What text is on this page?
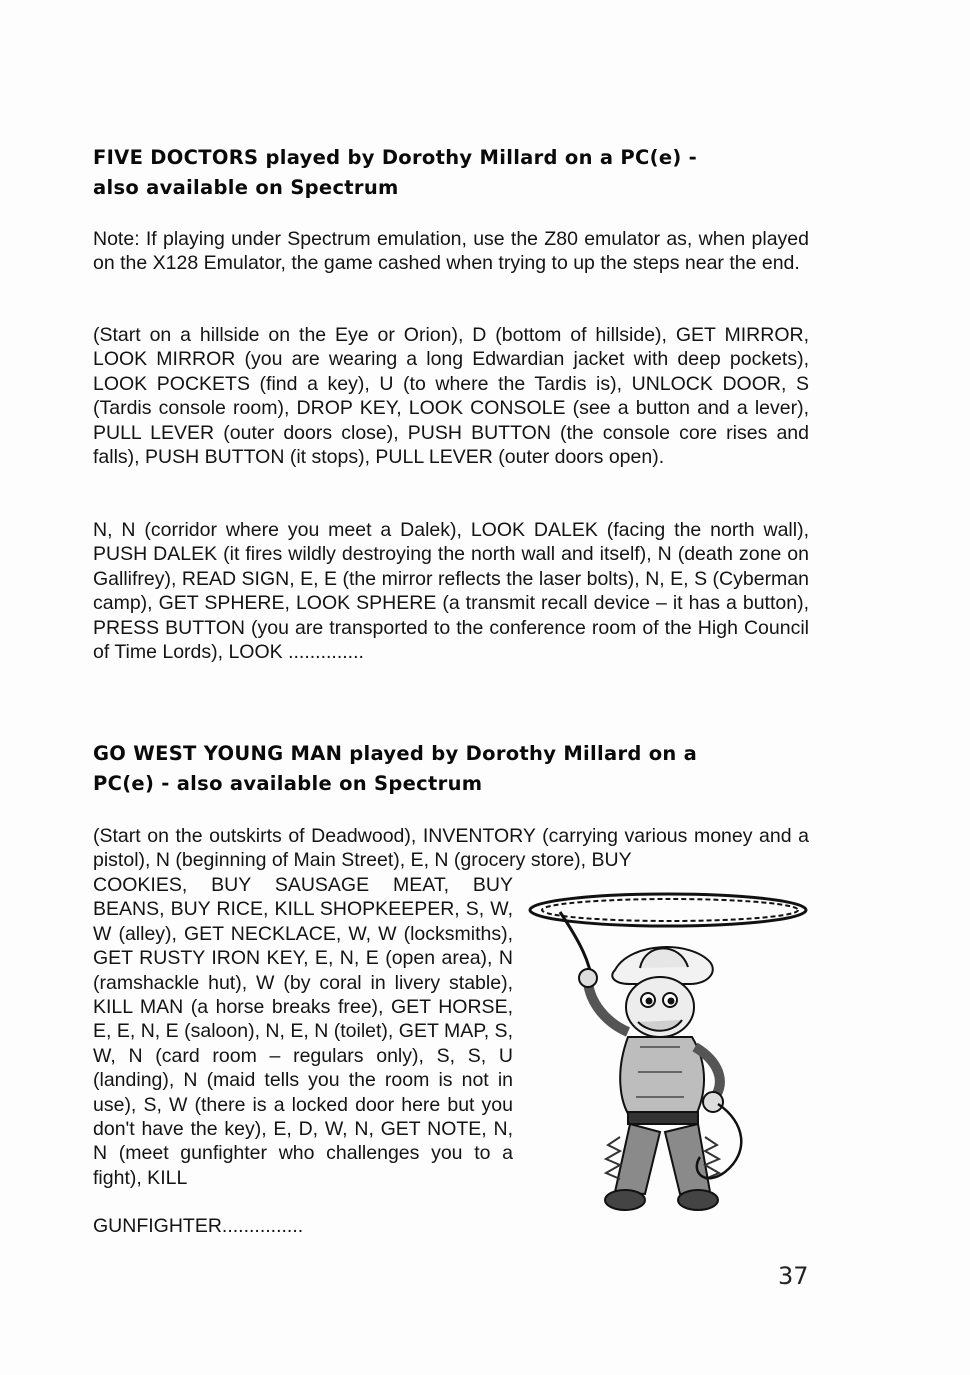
FIVE DOCTORS played by Dorothy Millard on a PC(e) -
also available on Spectrum

Note: If playing under Spectrum emulation, use the Z80 emulator as, when played on the X128 Emulator, the game cashed when trying to up the steps near the end.

(Start on a hillside on the Eye or Orion), D (bottom of hillside), GET MIRROR, LOOK MIRROR (you are wearing a long Edwardian jacket with deep pockets), LOOK POCKETS (find a key), U (to where the Tardis is), UNLOCK DOOR, S (Tardis console room), DROP KEY, LOOK CONSOLE (see a button and a lever), PULL LEVER (outer doors close), PUSH BUTTON (the console core rises and falls), PUSH BUTTON (it stops), PULL LEVER (outer doors open).

N, N (corridor where you meet a Dalek), LOOK DALEK (facing the north wall), PUSH DALEK (it fires wildly destroying the north wall and itself), N (death zone on Gallifrey), READ SIGN, E, E (the mirror reflects the laser bolts), N, E, S (Cyberman camp), GET SPHERE, LOOK SPHERE (a transmit recall device – it has a button), PRESS BUTTON (you are transported to the conference room of the High Council of Time Lords), LOOK ..............

GO WEST YOUNG MAN played by Dorothy Millard on a
PC(e) - also available on Spectrum

(Start on the outskirts of Deadwood), INVENTORY (carrying various money and a pistol), N (beginning of Main Street), E, N (grocery store), BUY

COOKIES, BUY SAUSAGE MEAT, BUY BEANS, BUY RICE, KILL SHOPKEEPER, S, W, W (alley), GET NECKLACE, W, W (locksmiths), GET RUSTY IRON KEY, E, N, E (open area), N (ramshackle hut), W (by coral in livery stable), KILL MAN (a horse breaks free), GET HORSE, E, E, N, E (saloon), N, E, N (toilet), GET MAP, S, W, N (card room – regulars only), S, S, U (landing), N (maid tells you the room is not in use), S, W (there is a locked door here but you don't have the key), E, D, W, N, GET NOTE, N, N (meet gunfighter who challenges you to a fight), KILL

GUNFIGHTER...............

37
